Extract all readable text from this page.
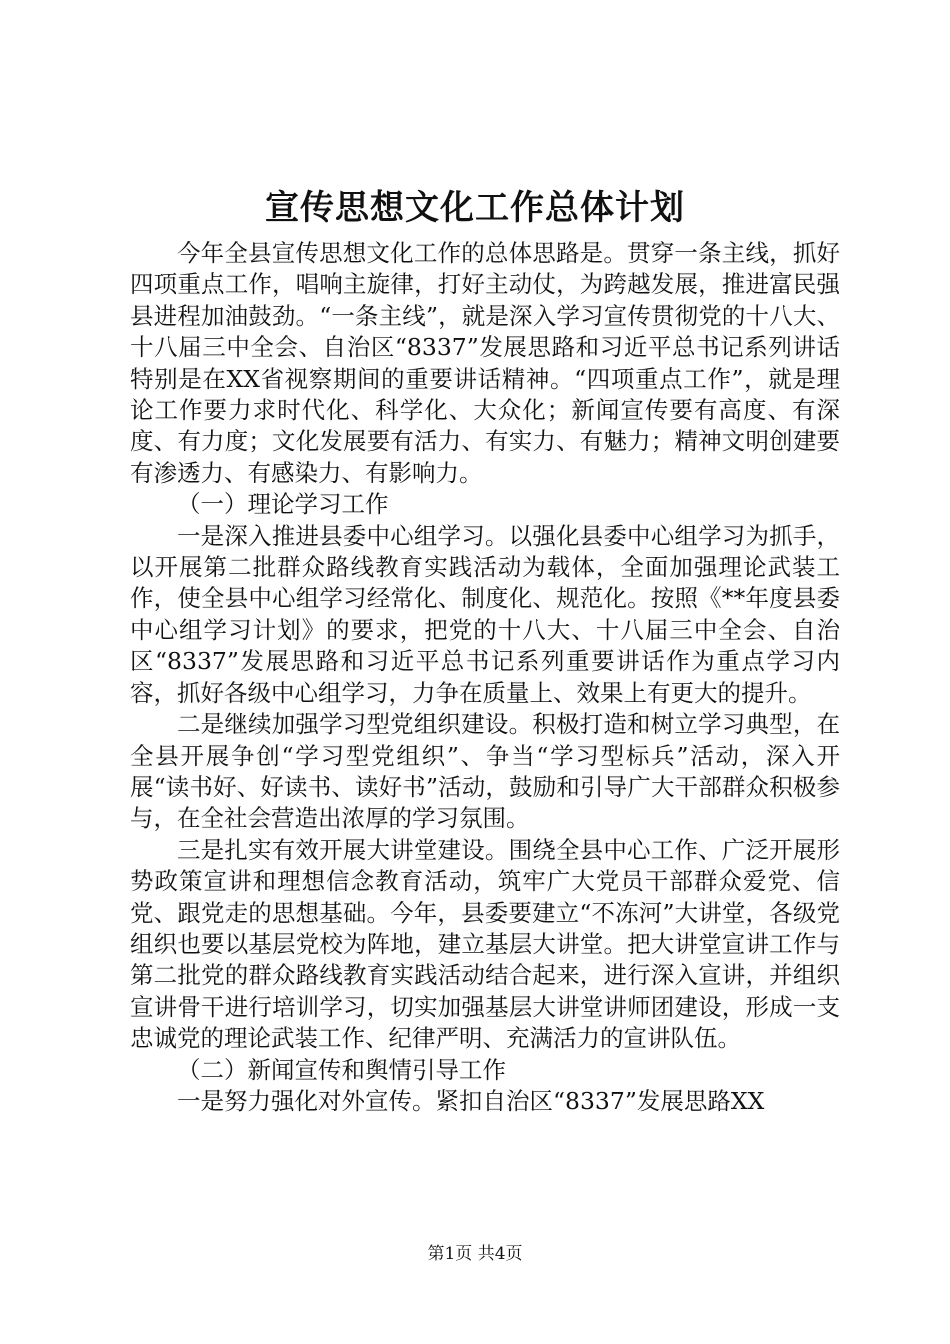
宣传思想文化工作总体计划

今年全县宣传思想文化工作的总体思路是。贯穿一条主线，抓好四项重点工作，唱响主旋律，打好主动仗，为跨越发展，推进富民强县进程加油鼓劲。“一条主线”，就是深入学习宣传贯彻党的十八大、十八届三中全会、自治区“8337”发展思路和习近平总书记系列讲话特别是在XX省视察期间的重要讲话精神。“四项重点工作”，就是理论工作要力求时代化、科学化、大众化；新闻宣传要有高度、有深度、有力度；文化发展要有活力、有实力、有魅力；精神文明创建要有渗透力、有感染力、有影响力。

（一）理论学习工作

一是深入推进县委中心组学习。以强化县委中心组学习为抓手，以开展第二批群众路线教育实践活动为载体，全面加强理论武装工作，使全县中心组学习经常化、制度化、规范化。按照《**年度县委中心组学习计划》的要求，把党的十八大、十八届三中全会、自治区“8337”发展思路和习近平总书记系列重要讲话作为重点学习内容，抓好各级中心组学习，力争在质量上、效果上有更大的提升。

二是继续加强学习型党组织建设。积极打造和树立学习典型，在全县开展争创“学习型党组织”、争当“学习型标兵”活动，深入开展“读书好、好读书、读好书”活动，鼓励和引导广大干部群众积极参与，在全社会营造出浓厚的学习氛围。

三是扎实有效开展大讲堂建设。围绕全县中心工作、广泛开展形势政策宣讲和理想信念教育活动，筑牢广大党员干部群众爱党、信党、跟党走的思想基础。今年，县委要建立“不冻河”大讲堂，各级党组织也要以基层党校为阵地，建立基层大讲堂。把大讲堂宣讲工作与第二批党的群众路线教育实践活动结合起来，进行深入宣讲，并组织宣讲骨干进行培训学习，切实加强基层大讲堂讲师团建设，形成一支忠诚党的理论武装工作、纪律严明、充满活力的宣讲队伍。

（二）新闻宣传和舆情引导工作

一是努力强化对外宣传。紧扣自治区“8337”发展思路XX

第1页 共4页
